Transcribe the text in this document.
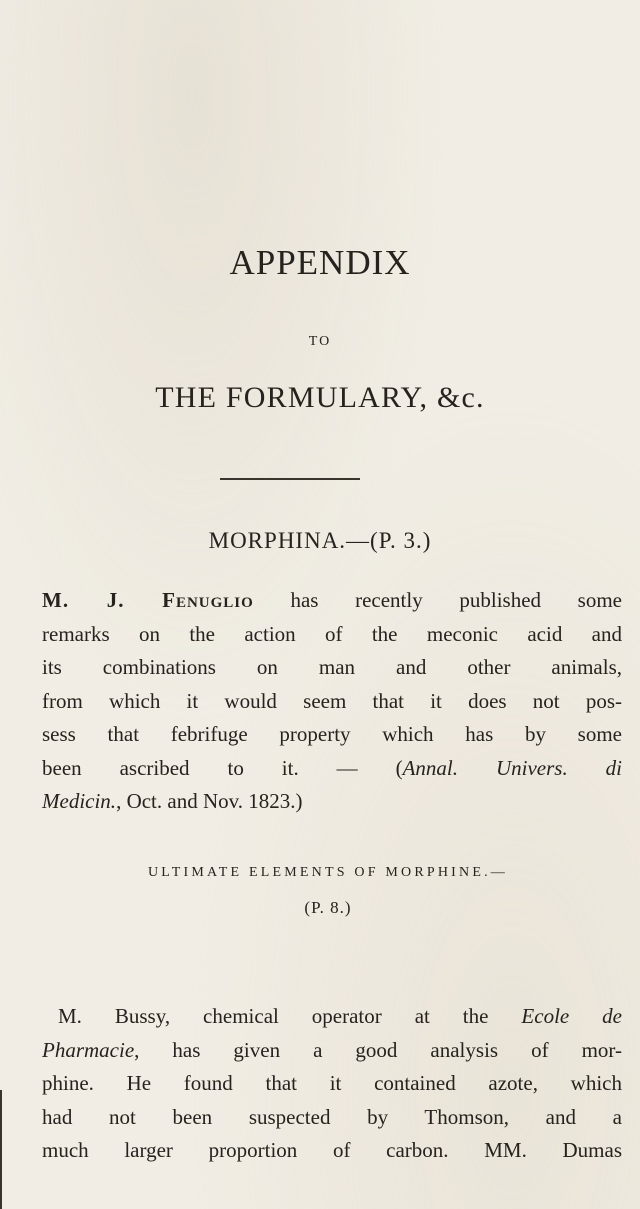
APPENDIX
TO
THE FORMULARY, &c.
MORPHINA.—(P. 3.)
M. J. Fenuglio has recently published some
remarks on the action of the meconic acid and
its combinations on man and other animals,
from which it would seem that it does not pos-
sess that febrifuge property which has by some
been ascribed to it. — (Annal. Univers. di
Medicin., Oct. and Nov. 1823.)
ULTIMATE ELEMENTS OF MORPHINE.—
(P. 8.)
M. Bussy, chemical operator at the Ecole de
Pharmacie, has given a good analysis of mor-
phine. He found that it contained azote, which
had not been suspected by Thomson, and a
much larger proportion of carbon. MM. Dumas
